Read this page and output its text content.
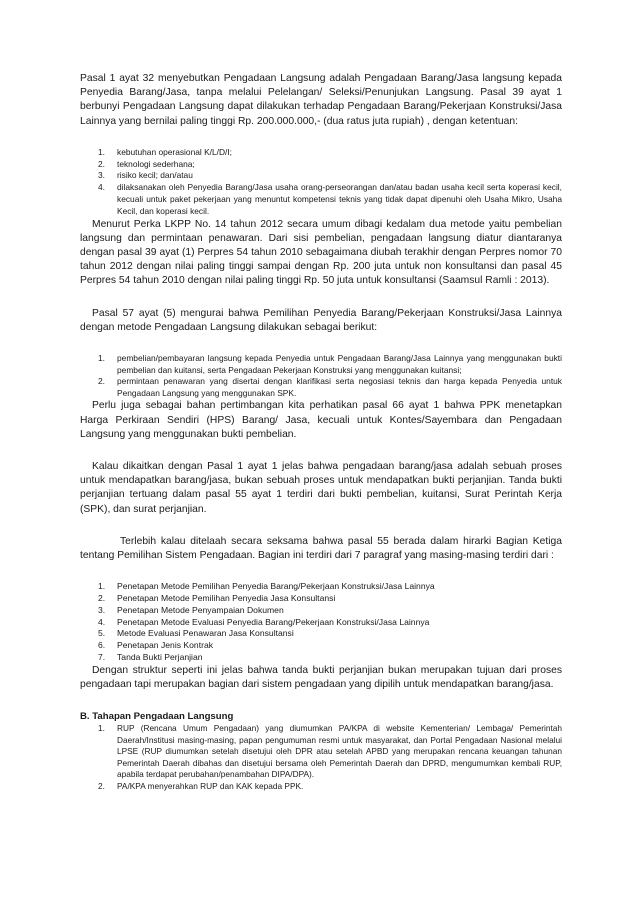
Pasal 1 ayat 32 menyebutkan Pengadaan Langsung adalah Pengadaan Barang/Jasa langsung kepada Penyedia Barang/Jasa, tanpa melalui Pelelangan/ Seleksi/Penunjukan Langsung. Pasal 39 ayat 1 berbunyi Pengadaan Langsung dapat dilakukan terhadap Pengadaan Barang/Pekerjaan Konstruksi/Jasa Lainnya yang bernilai paling tinggi Rp. 200.000.000,- (dua ratus juta rupiah) , dengan ketentuan:

1. kebutuhan operasional K/L/D/I;
2. teknologi sederhana;
3. risiko kecil; dan/atau
4. dilaksanakan oleh Penyedia Barang/Jasa usaha orang-perseorangan dan/atau badan usaha kecil serta koperasi kecil, kecuali untuk paket pekerjaan yang menuntut kompetensi teknis yang tidak dapat dipenuhi oleh Usaha Mikro, Usaha Kecil, dan koperasi kecil.

Menurut Perka LKPP No. 14 tahun 2012 secara umum dibagi kedalam dua metode yaitu pembelian langsung dan permintaan penawaran. Dari sisi pembelian, pengadaan langsung diatur diantaranya dengan pasal 39 ayat (1) Perpres 54 tahun 2010 sebagaimana diubah terakhir dengan Perpres nomor 70 tahun 2012 dengan nilai paling tinggi sampai dengan Rp. 200 juta untuk non konsultansi dan pasal 45 Perpres 54 tahun 2010 dengan nilai paling tinggi Rp. 50 juta untuk konsultansi (Saamsul Ramli : 2013).

Pasal 57 ayat (5) mengurai bahwa Pemilihan Penyedia Barang/Pekerjaan Konstruksi/Jasa Lainnya dengan metode Pengadaan Langsung dilakukan sebagai berikut:

1. pembelian/pembayaran langsung kepada Penyedia untuk Pengadaan Barang/Jasa Lainnya yang menggunakan bukti pembelian dan kuitansi, serta Pengadaan Pekerjaan Konstruksi yang menggunakan kuitansi;
2. permintaan penawaran yang disertai dengan klarifikasi serta negosiasi teknis dan harga kepada Penyedia untuk Pengadaan Langsung yang menggunakan SPK.

Perlu juga sebagai bahan pertimbangan kita perhatikan pasal 66 ayat 1 bahwa PPK menetapkan Harga Perkiraan Sendiri (HPS) Barang/ Jasa, kecuali untuk Kontes/Sayembara dan Pengadaan Langsung yang menggunakan bukti pembelian.

Kalau dikaitkan dengan Pasal 1 ayat 1 jelas bahwa pengadaan barang/jasa adalah sebuah proses untuk mendapatkan barang/jasa, bukan sebuah proses untuk mendapatkan bukti perjanjian. Tanda bukti perjanjian tertuang dalam pasal 55 ayat 1 terdiri dari bukti pembelian, kuitansi, Surat Perintah Kerja (SPK), dan surat perjanjian.

Terlebih kalau ditelaah secara seksama bahwa pasal 55 berada dalam hirarki Bagian Ketiga tentang Pemilihan Sistem Pengadaan. Bagian ini terdiri dari 7 paragraf yang masing-masing terdiri dari :

1. Penetapan Metode Pemilihan Penyedia Barang/Pekerjaan Konstruksi/Jasa Lainnya
2. Penetapan Metode Pemilihan Penyedia Jasa Konsultansi
3. Penetapan Metode Penyampaian Dokumen
4. Penetapan Metode Evaluasi Penyedia Barang/Pekerjaan Konstruksi/Jasa Lainnya
5. Metode Evaluasi Penawaran Jasa Konsultansi
6. Penetapan Jenis Kontrak
7. Tanda Bukti Perjanjian

Dengan struktur seperti ini jelas bahwa tanda bukti perjanjian bukan merupakan tujuan dari proses pengadaan tapi merupakan bagian dari sistem pengadaan yang dipilih untuk mendapatkan barang/jasa.

B. Tahapan Pengadaan Langsung
1. RUP (Rencana Umum Pengadaan) yang diumumkan PA/KPA di website Kementerian/ Lembaga/ Pemerintah Daerah/Institusi masing-masing, papan pengumuman resmi untuk masyarakat, dan Portal Pengadaan Nasional melalui LPSE (RUP diumumkan setelah disetujui oleh DPR atau setelah APBD yang merupakan rencana keuangan tahunan Pemerintah Daerah dibahas dan disetujui bersama oleh Pemerintah Daerah dan DPRD, mengumumkan kembali RUP, apabila terdapat perubahan/penambahan DIPA/DPA).
2. PA/KPA menyerahkan RUP dan KAK kepada PPK.
